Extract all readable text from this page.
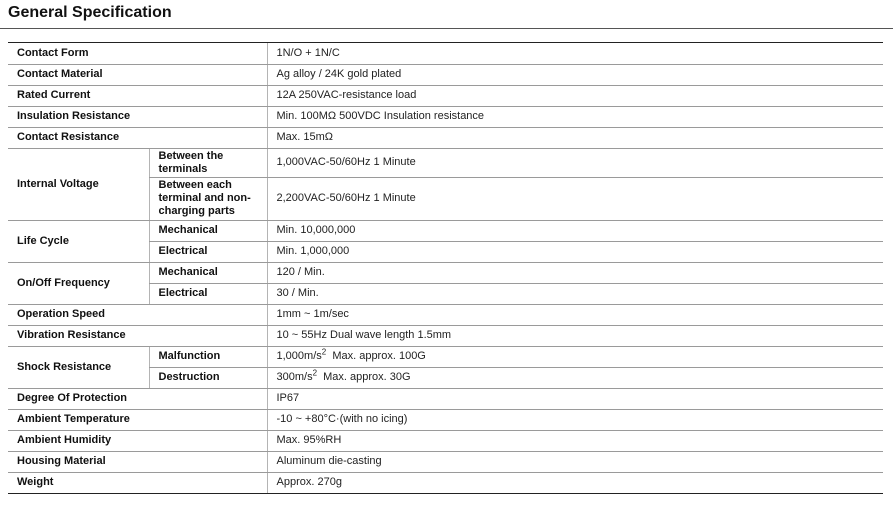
General Specification
Contact Form		1N/O + 1N/C
Contact Material		Ag alloy / 24K gold plated
Rated Current		12A 250VAC-resistance load
Insulation Resistance		Min. 100MΩ 500VDC Insulation resistance
Contact Resistance		Max. 15mΩ
Internal Voltage	Between the terminals	1,000VAC-50/60Hz 1 Minute
	Between each terminal and non-charging parts	2,200VAC-50/60Hz 1 Minute
Life Cycle	Mechanical	Min. 10,000,000
	Electrical	Min. 1,000,000
On/Off Frequency	Mechanical	120 / Min.
	Electrical	30 / Min.
Operation Speed		1mm ~ 1m/sec
Vibration Resistance		10 ~ 55Hz Dual wave length 1.5mm
Shock Resistance	Malfunction	$1,000m/s^2$  Max. approx. 100G
	Destruction	$300m/s^2$  Max. approx. 30G
Degree Of Protection		IP67
Ambient Temperature		-10 ~ +80°C·(with no icing)
Ambient Humidity		Max. 95%RH
Housing Material		Aluminum die-casting
Weight		Approx. 270g
